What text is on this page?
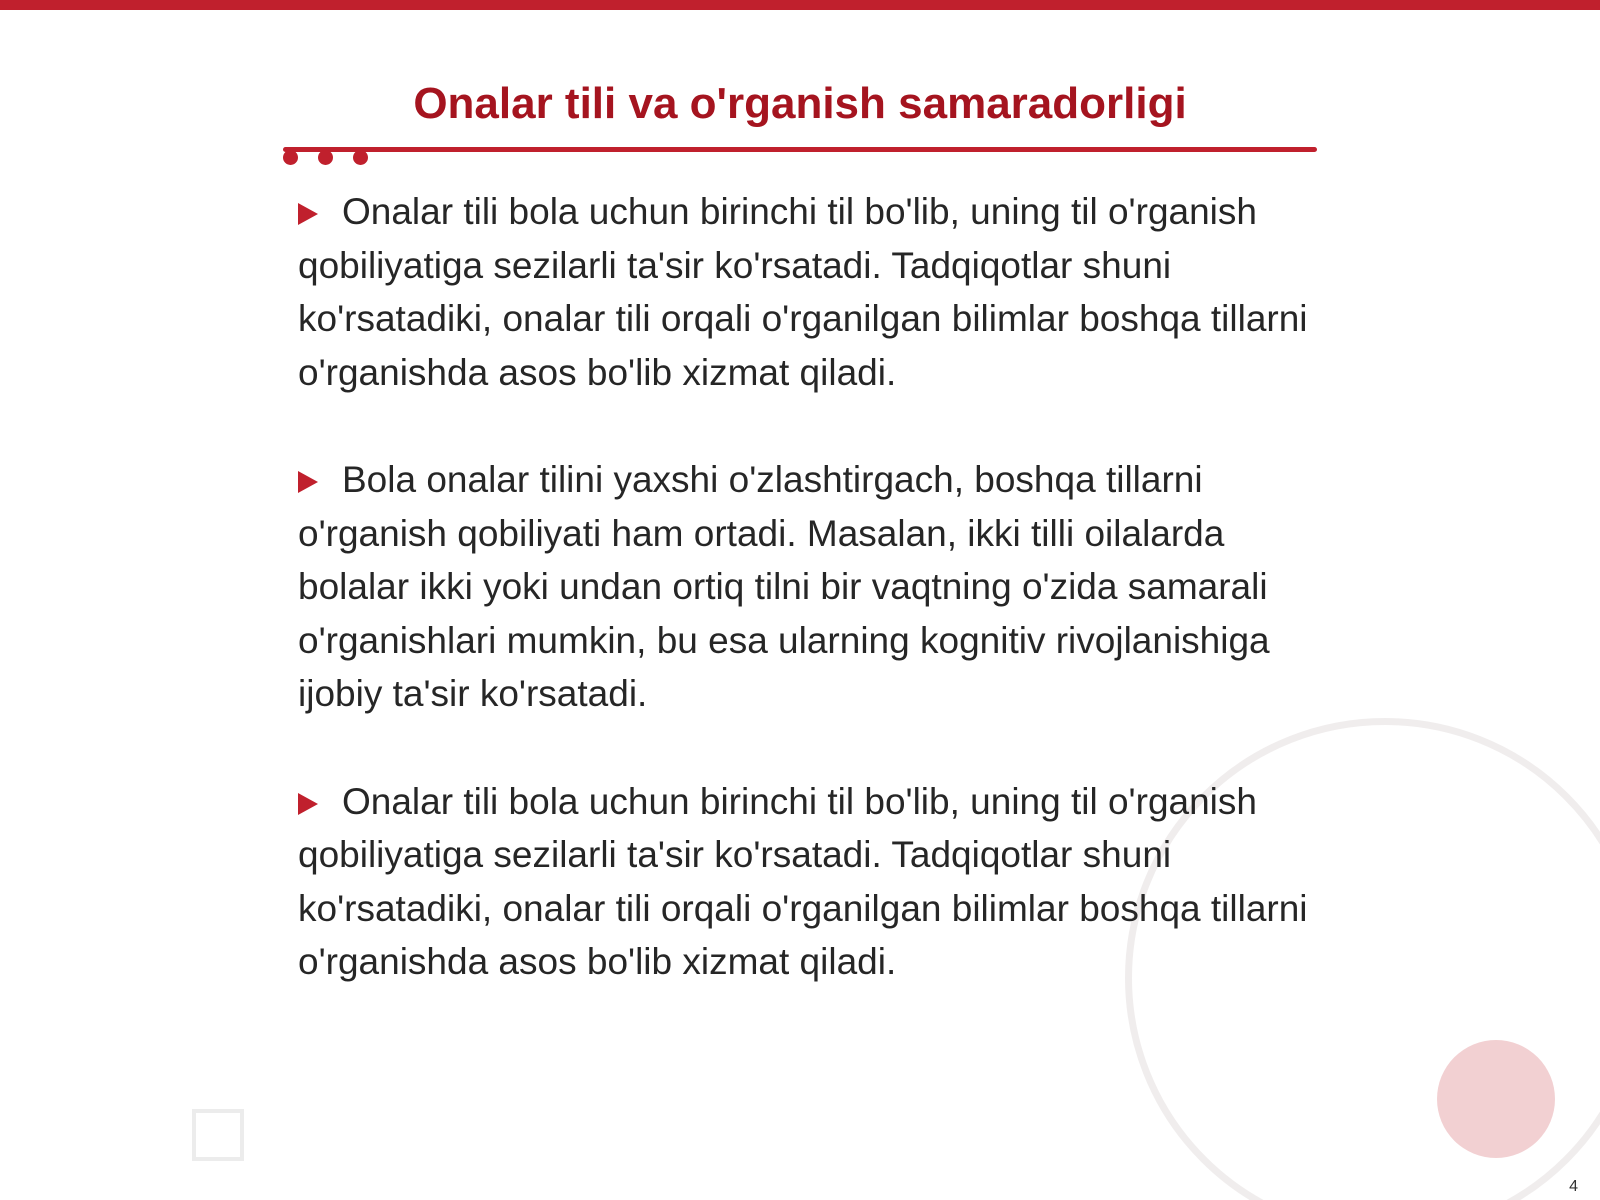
Onalar tili va o'rganish samaradorligi

Onalar tili bola uchun birinchi til bo'lib, uning til o'rganish qobiliyatiga sezilarli ta'sir ko'rsatadi. Tadqiqotlar shuni ko'rsatadiki, onalar tili orqali o'rganilgan bilimlar boshqa tillarni o'rganishda asos bo'lib xizmat qiladi.

Bola onalar tilini yaxshi o'zlashtirgach, boshqa tillarni o'rganish qobiliyati ham ortadi. Masalan, ikki tilli oilalarda bolalar ikki yoki undan ortiq tilni bir vaqtning o'zida samarali o'rganishlari mumkin, bu esa ularning kognitiv rivojlanishiga ijobiy ta'sir ko'rsatadi.

Onalar tili bola uchun birinchi til bo'lib, uning til o'rganish qobiliyatiga sezilarli ta'sir ko'rsatadi. Tadqiqotlar shuni ko'rsatadiki, onalar tili orqali o'rganilgan bilimlar boshqa tillarni o'rganishda asos bo'lib xizmat qiladi.

4
